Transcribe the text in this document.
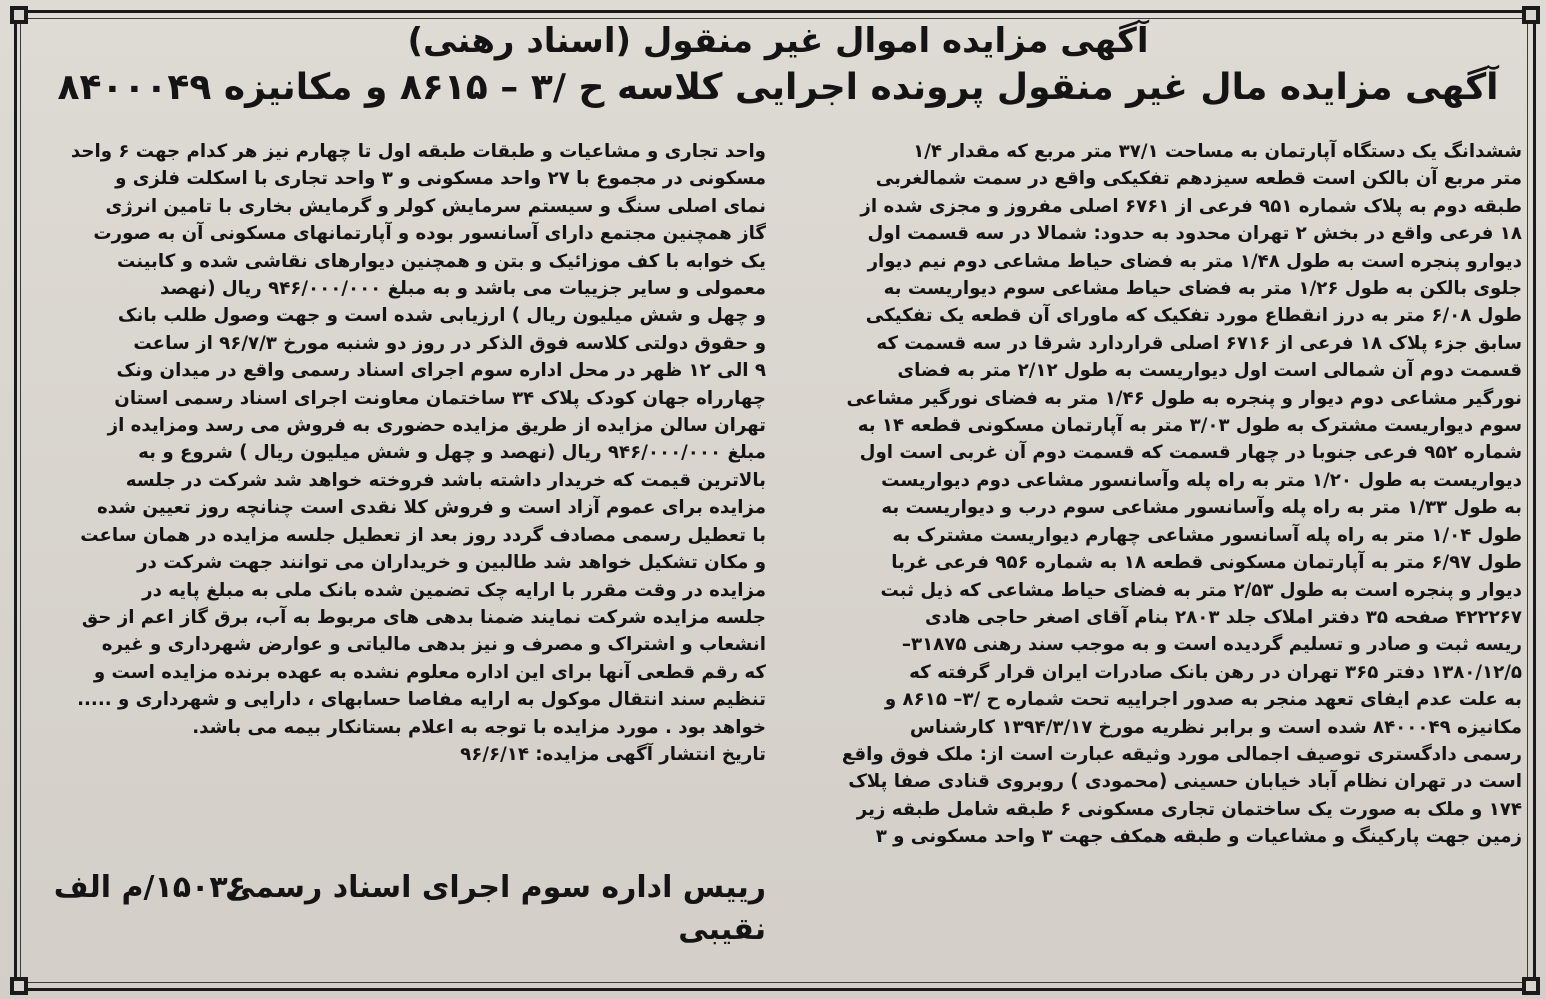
آگهی مزایده اموال غیر منقول (اسناد رهنی)
آگهی مزایده مال غیر منقول پرونده اجرایی کلاسه ح /۳ – ۸۶۱۵ و مکانیزه ۸۴۰۰۰۴۹
ششدانگ یک دستگاه آپارتمان به مساحت ۳۷/۱ متر مربع که مقدار ۱/۴
متر مربع آن بالکن است قطعه سیزدهم تفکیکی واقع در سمت شمالغربی
طبقه دوم به پلاک شماره ۹۵۱ فرعی از ۶۷۶۱ اصلی مفروز و مجزی شده از
۱۸ فرعی واقع در بخش ۲ تهران محدود به حدود: شمالا در سه قسمت اول
دیوارو پنجره است به طول ۱/۴۸ متر به فضای حیاط مشاعی دوم نیم دیوار
جلوی بالکن به طول ۱/۲۶ متر به فضای حیاط مشاعی سوم دیواریست به
طول ۶/۰۸ متر به درز انقطاع مورد تفکیک که ماورای آن قطعه یک تفکیکی
سابق جزء پلاک ۱۸ فرعی از ۶۷۱۶ اصلی قراردارد شرقا در سه قسمت که
قسمت دوم آن شمالی است اول دیواریست به طول ۲/۱۲ متر به فضای
نورگیر مشاعی دوم دیوار و پنجره به طول ۱/۴۶ متر به فضای نورگیر مشاعی
سوم دیواریست مشترک به طول ۳/۰۳ متر به آپارتمان مسکونی قطعه ۱۴ به
شماره ۹۵۲ فرعی جنوبا در چهار قسمت که قسمت دوم آن غربی است اول
دیواریست به طول ۱/۲۰ متر به راه پله وآسانسور مشاعی دوم دیواریست
به طول ۱/۳۳ متر به راه پله وآسانسور مشاعی سوم درب و دیواریست به
طول ۱/۰۴ متر به راه پله آسانسور مشاعی چهارم دیواریست مشترک به
طول ۶/۹۷ متر به آپارتمان مسکونی قطعه ۱۸ به شماره ۹۵۶ فرعی غربا
دیوار و پنجره است به طول ۲/۵۳ متر به فضای حیاط مشاعی که ذیل ثبت
۴۲۲۲۶۷ صفحه ۳۵ دفتر املاک جلد ۲۸۰۳ بنام آقای اصغر حاجی هادی
ریسه ثبت و صادر و تسلیم گردیده است و به موجب سند رهنی ۳۱۸۷۵–
۱۳۸۰/۱۲/۵ دفتر ۳۶۵ تهران در رهن بانک صادرات ایران قرار گرفته که
به علت عدم ایفای تعهد منجر به صدور اجراییه تحت شماره ح /۳– ۸۶۱۵ و
مکانیزه ۸۴۰۰۰۴۹ شده است و برابر نظریه مورخ ۱۳۹۴/۳/۱۷ کارشناس
رسمی دادگستری توصیف اجمالی مورد وثیقه عبارت است از: ملک فوق واقع
است در تهران نظام آباد خیابان حسینی (محمودی ) روبروی قنادی صفا پلاک
۱۷۴ و ملک به صورت یک ساختمان تجاری مسکونی ۶ طبقه شامل طبقه زیر
زمین جهت پارکینگ و مشاعیات و طبقه همکف جهت ۳ واحد مسکونی و ۳
واحد تجاری و مشاعیات و طبقات طبقه اول تا چهارم نیز هر کدام جهت ۶ واحد
مسکونی در مجموع با ۲۷ واحد مسکونی و ۳ واحد تجاری با اسکلت فلزی و
نمای اصلی سنگ و سیستم سرمایش کولر و گرمایش بخاری با تامین انرژی
گاز همچنین مجتمع دارای آسانسور بوده و آپارتمانهای مسکونی آن به صورت
یک خوابه با کف موزائیک و بتن و همچنین دیوارهای نقاشی شده و کابینت
معمولی و سایر جزییات می باشد و به مبلغ ۹۴۶/۰۰۰/۰۰۰ ریال (نهصد
و چهل و شش میلیون ریال ) ارزیابی شده است و جهت وصول طلب بانک
و حقوق دولتی کلاسه فوق الذکر در روز دو شنبه مورخ ۹۶/۷/۳ از ساعت
۹ الی ۱۲ ظهر در محل اداره سوم اجرای اسناد رسمی واقع در میدان ونک
چهارراه جهان کودک پلاک ۳۴ ساختمان معاونت اجرای اسناد رسمی استان
تهران سالن مزایده از طریق مزایده حضوری به فروش می رسد ومزایده از
مبلغ ۹۴۶/۰۰۰/۰۰۰ ریال (نهصد و چهل و شش میلیون ریال ) شروع و به
بالاترین قیمت که خریدار داشته باشد فروخته خواهد شد شرکت در جلسه
مزایده برای عموم آزاد است و فروش کلا نقدی است چنانچه روز تعیین شده
با تعطیل رسمی مصادف گردد روز بعد از تعطیل جلسه مزایده در همان ساعت
و مکان تشکیل خواهد شد طالبین و خریداران می توانند جهت شرکت در
مزایده در وقت مقرر با ارایه چک تضمین شده بانک ملی به مبلغ پایه در
جلسه مزایده شرکت نمایند ضمنا بدهی های مربوط به آب، برق گاز اعم از حق
انشعاب و اشتراک و مصرف و نیز بدهی مالیاتی و عوارض شهرداری و غیره
که رقم قطعی آنها برای این اداره معلوم نشده به عهده برنده مزایده است و
تنظیم سند انتقال موکول به ارایه مفاصا حسابهای ، دارایی و شهرداری و .....
خواهد بود . مورد مزایده با توجه به اعلام بستانکار بیمه می باشد.
تاریخ انتشار آگهی مزایده: ۹۶/۶/۱۴
۱۵۰۳۶/م الف
رییس اداره سوم اجرای اسناد رسمی
نقیبی
